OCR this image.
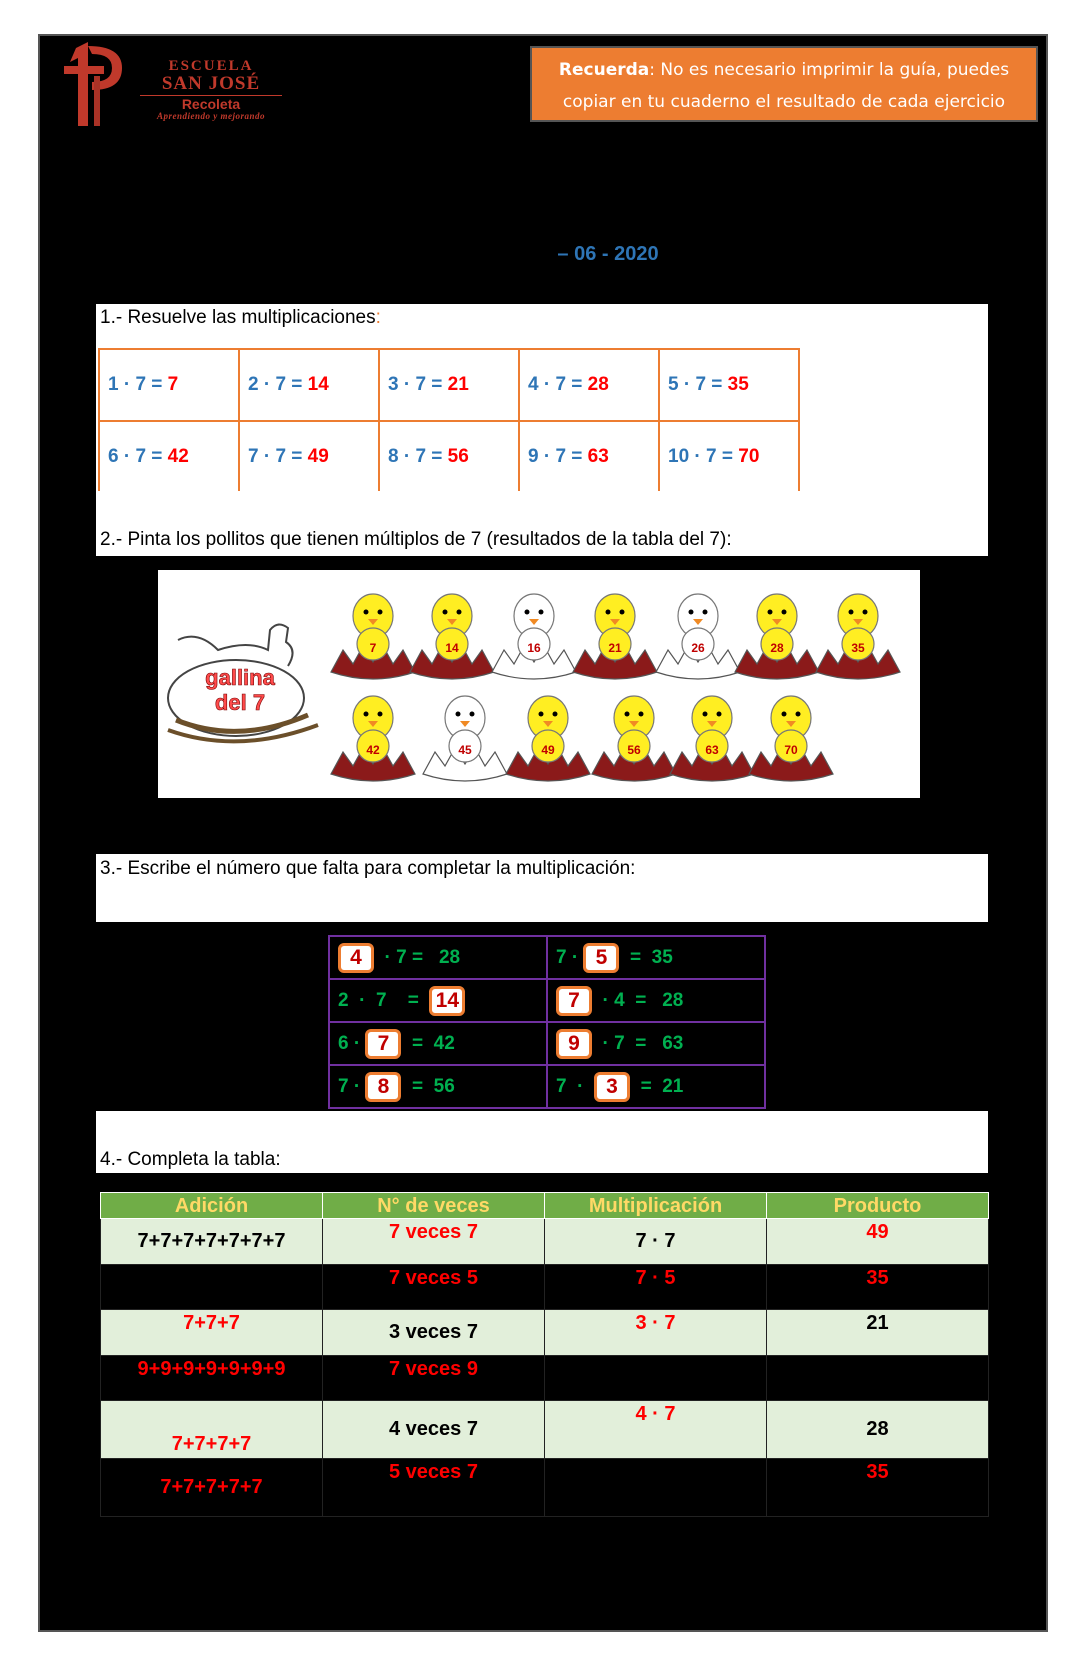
ESCUELA
SAN JOSÉ
Recoleta
Aprendiendo y mejorando
Recuerda: No es necesario imprimir la guía, puedes
copiar en tu cuaderno el resultado de cada ejercicio
– 06 - 2020
1.- Resuelve las multiplicaciones:
1 · 7 = 7	2 · 7 = 14	3 · 7 = 21	4 · 7 = 28	5 · 7 = 35
6 · 7 = 42	7 · 7 = 49	8 · 7 = 56	9 · 7 = 63	10 · 7 = 70
2.- Pinta los pollitos que tienen múltiplos de 7 (resultados de la tabla del 7):
gallina
del 7
7	14	16	21	26	28	35
42	45	49	56	63	70
3.- Escribe el número que falta para completar la multiplicación:
4  · 7 =   28	7 · 5  =  35
2  ·  7    =  14	7  · 4  =   28
6 · 7  =  42	9  · 7  =   63
7 · 8  =  56	7  ·  3  =  21
4.- Completa la tabla:
Adición	N° de veces	Multiplicación	Producto
7+7+7+7+7+7+7	7 veces 7	7 · 7	49
	7 veces 5	7 · 5	35
7+7+7	3 veces 7	3 · 7	21
9+9+9+9+9+9+9	7 veces 9		
7+7+7+7	4 veces 7	4 · 7	28
7+7+7+7+7	5 veces 7		35
